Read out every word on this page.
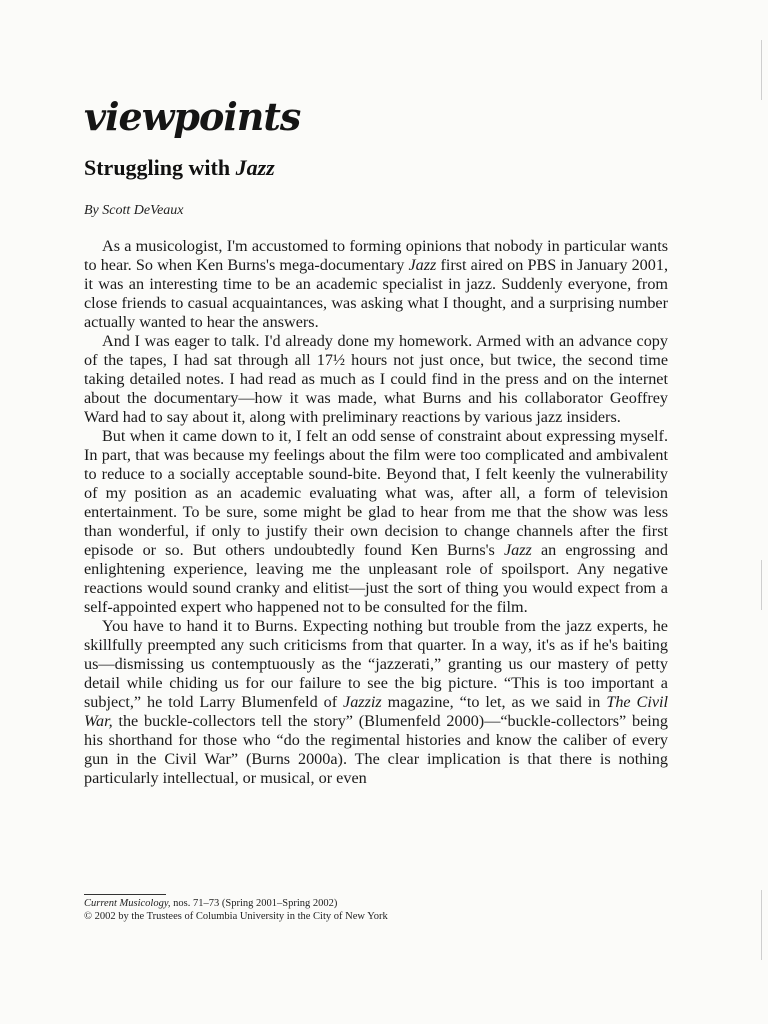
viewpoints
Struggling with Jazz
By Scott DeVeaux

As a musicologist, I'm accustomed to forming opinions that nobody in particular wants to hear. So when Ken Burns's mega-documentary Jazz first aired on PBS in January 2001, it was an interesting time to be an academic specialist in jazz. Suddenly everyone, from close friends to casual acquaintances, was asking what I thought, and a surprising number actually wanted to hear the answers.

And I was eager to talk. I'd already done my homework. Armed with an advance copy of the tapes, I had sat through all 17½ hours not just once, but twice, the second time taking detailed notes. I had read as much as I could find in the press and on the internet about the documentary—how it was made, what Burns and his collaborator Geoffrey Ward had to say about it, along with preliminary reactions by various jazz insiders.

But when it came down to it, I felt an odd sense of constraint about expressing myself. In part, that was because my feelings about the film were too complicated and ambivalent to reduce to a socially acceptable sound-bite. Beyond that, I felt keenly the vulnerability of my position as an academic evaluating what was, after all, a form of television entertainment. To be sure, some might be glad to hear from me that the show was less than wonderful, if only to justify their own decision to change channels after the first episode or so. But others undoubtedly found Ken Burns's Jazz an engrossing and enlightening experience, leaving me the unpleasant role of spoilsport. Any negative reactions would sound cranky and elitist—just the sort of thing you would expect from a self-appointed expert who happened not to be consulted for the film.

You have to hand it to Burns. Expecting nothing but trouble from the jazz experts, he skillfully preempted any such criticisms from that quarter. In a way, it's as if he's baiting us—dismissing us contemptuously as the “jazzerati,” granting us our mastery of petty detail while chiding us for our failure to see the big picture. “This is too important a subject,” he told Larry Blumenfeld of Jazziz magazine, “to let, as we said in The Civil War, the buckle-collectors tell the story” (Blumenfeld 2000)—“buckle-collectors” being his shorthand for those who “do the regimental histories and know the caliber of every gun in the Civil War” (Burns 2000a). The clear implication is that there is nothing particularly intellectual, or musical, or even

Current Musicology, nos. 71–73 (Spring 2001–Spring 2002)
© 2002 by the Trustees of Columbia University in the City of New York
